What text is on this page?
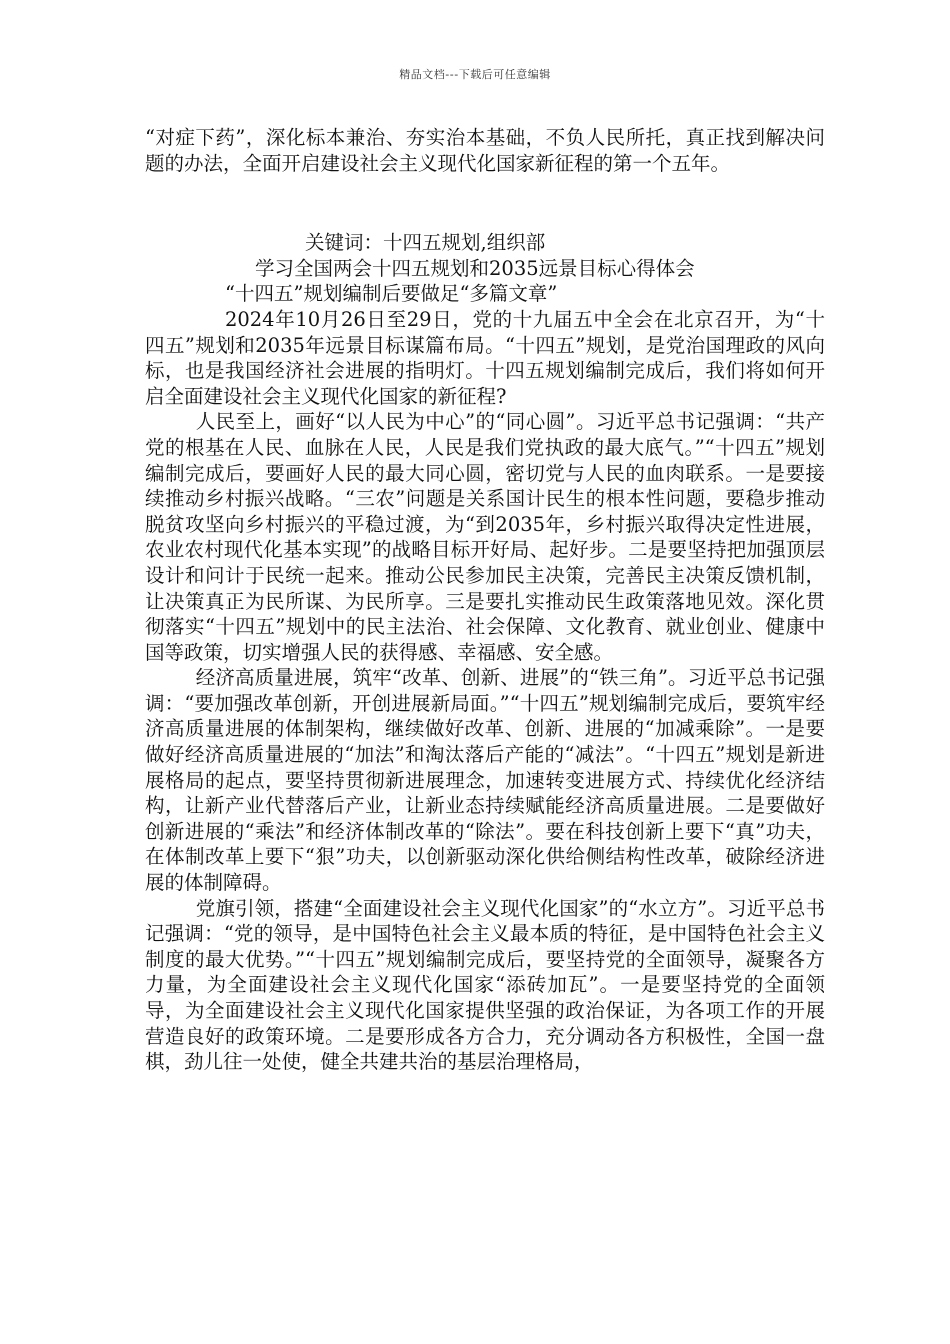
精品文档---下载后可任意编辑

“对症下药”，深化标本兼治、夯实治本基础，不负人民所托，真正找到解决问题的办法，全面开启建设社会主义现代化国家新征程的第一个五年。

关键词：十四五规划,组织部

学习全国两会十四五规划和2035远景目标心得体会

“十四五”规划编制后要做足“多篇文章”

2024年10月26日至29日，党的十九届五中全会在北京召开，为“十四五”规划和2035年远景目标谋篇布局。“十四五”规划，是党治国理政的风向标，也是我国经济社会进展的指明灯。十四五规划编制完成后，我们将如何开启全面建设社会主义现代化国家的新征程?

人民至上，画好“以人民为中心”的“同心圆”。习近平总书记强调：“共产党的根基在人民、血脉在人民，人民是我们党执政的最大底气。”“十四五”规划编制完成后，要画好人民的最大同心圆，密切党与人民的血肉联系。一是要接续推动乡村振兴战略。“三农”问题是关系国计民生的根本性问题，要稳步推动脱贫攻坚向乡村振兴的平稳过渡，为“到2035年，乡村振兴取得决定性进展，农业农村现代化基本实现”的战略目标开好局、起好步。二是要坚持把加强顶层设计和问计于民统一起来。推动公民参加民主决策，完善民主决策反馈机制，让决策真正为民所谋、为民所享。三是要扎实推动民生政策落地见效。深化贯彻落实“十四五”规划中的民主法治、社会保障、文化教育、就业创业、健康中国等政策，切实增强人民的获得感、幸福感、安全感。

经济高质量进展，筑牢“改革、创新、进展”的“铁三角”。习近平总书记强调：“要加强改革创新，开创进展新局面。”“十四五”规划编制完成后，要筑牢经济高质量进展的体制架构，继续做好改革、创新、进展的“加减乘除”。一是要做好经济高质量进展的“加法”和淘汰落后产能的“减法”。“十四五”规划是新进展格局的起点，要坚持贯彻新进展理念，加速转变进展方式、持续优化经济结构，让新产业代替落后产业，让新业态持续赋能经济高质量进展。二是要做好创新进展的“乘法”和经济体制改革的“除法”。要在科技创新上要下“真”功夫，在体制改革上要下“狠”功夫，以创新驱动深化供给侧结构性改革，破除经济进展的体制障碍。

党旗引领，搭建“全面建设社会主义现代化国家”的“水立方”。习近平总书记强调：“党的领导，是中国特色社会主义最本质的特征，是中国特色社会主义制度的最大优势。”“十四五”规划编制完成后，要坚持党的全面领导，凝聚各方力量，为全面建设社会主义现代化国家“添砖加瓦”。一是要坚持党的全面领导，为全面建设社会主义现代化国家提供坚强的政治保证，为各项工作的开展营造良好的政策环境。二是要形成各方合力，充分调动各方积极性，全国一盘棋，劲儿往一处使，健全共建共治的基层治理格局，
